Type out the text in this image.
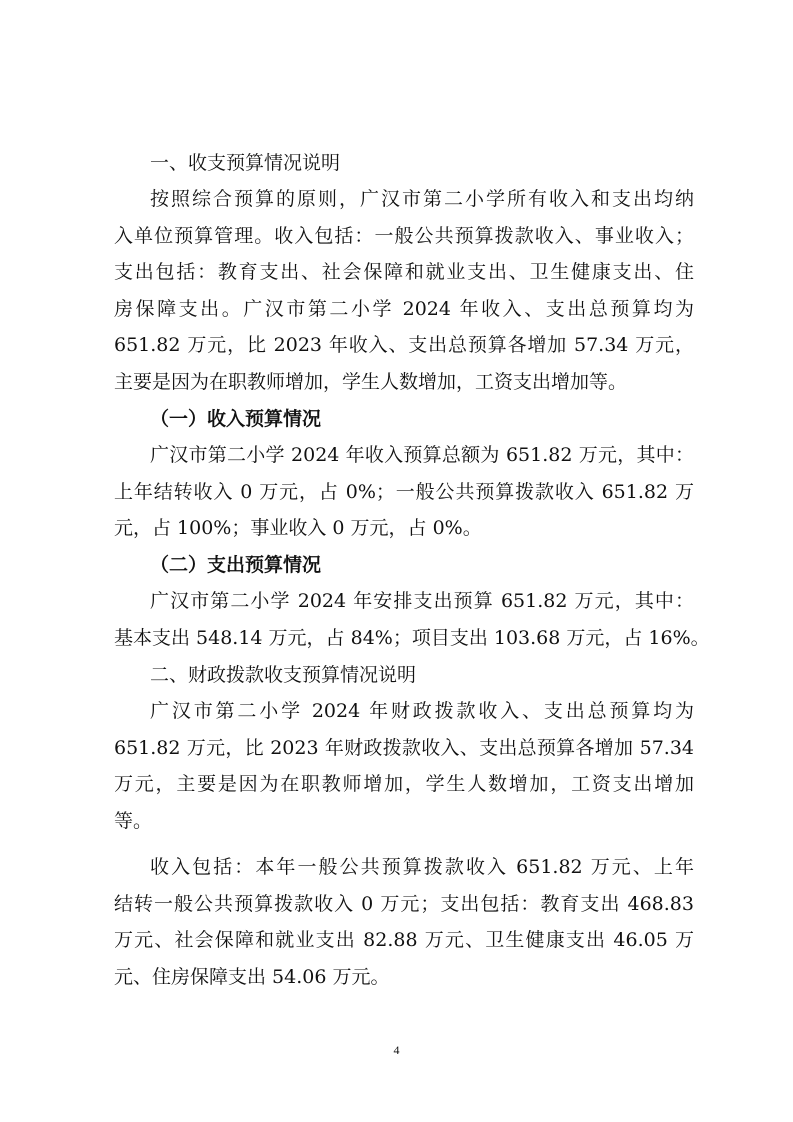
一、收支预算情况说明
按照综合预算的原则，广汉市第二小学所有收入和支出均纳
入单位预算管理。收入包括：一般公共预算拨款收入、事业收入；
支出包括：教育支出、社会保障和就业支出、卫生健康支出、住
房保障支出。广汉市第二小学 2024 年收入、支出总预算均为
651.82 万元，比 2023 年收入、支出总预算各增加 57.34 万元，
主要是因为在职教师增加，学生人数增加，工资支出增加等。
（一）收入预算情况
广汉市第二小学 2024 年收入预算总额为 651.82 万元，其中：
上年结转收入 0 万元，占 0%；一般公共预算拨款收入 651.82 万
元，占 100%；事业收入 0 万元，占 0%。
（二）支出预算情况
广汉市第二小学 2024 年安排支出预算 651.82 万元，其中：
基本支出 548.14 万元，占 84%；项目支出 103.68 万元，占 16%。
二、财政拨款收支预算情况说明
广汉市第二小学 2024 年财政拨款收入、支出总预算均为
651.82 万元，比 2023 年财政拨款收入、支出总预算各增加 57.34
万元，主要是因为在职教师增加，学生人数增加，工资支出增加
等。
收入包括：本年一般公共预算拨款收入 651.82 万元、上年
结转一般公共预算拨款收入 0 万元；支出包括：教育支出 468.83
万元、社会保障和就业支出 82.88 万元、卫生健康支出 46.05 万
元、住房保障支出 54.06 万元。
4
